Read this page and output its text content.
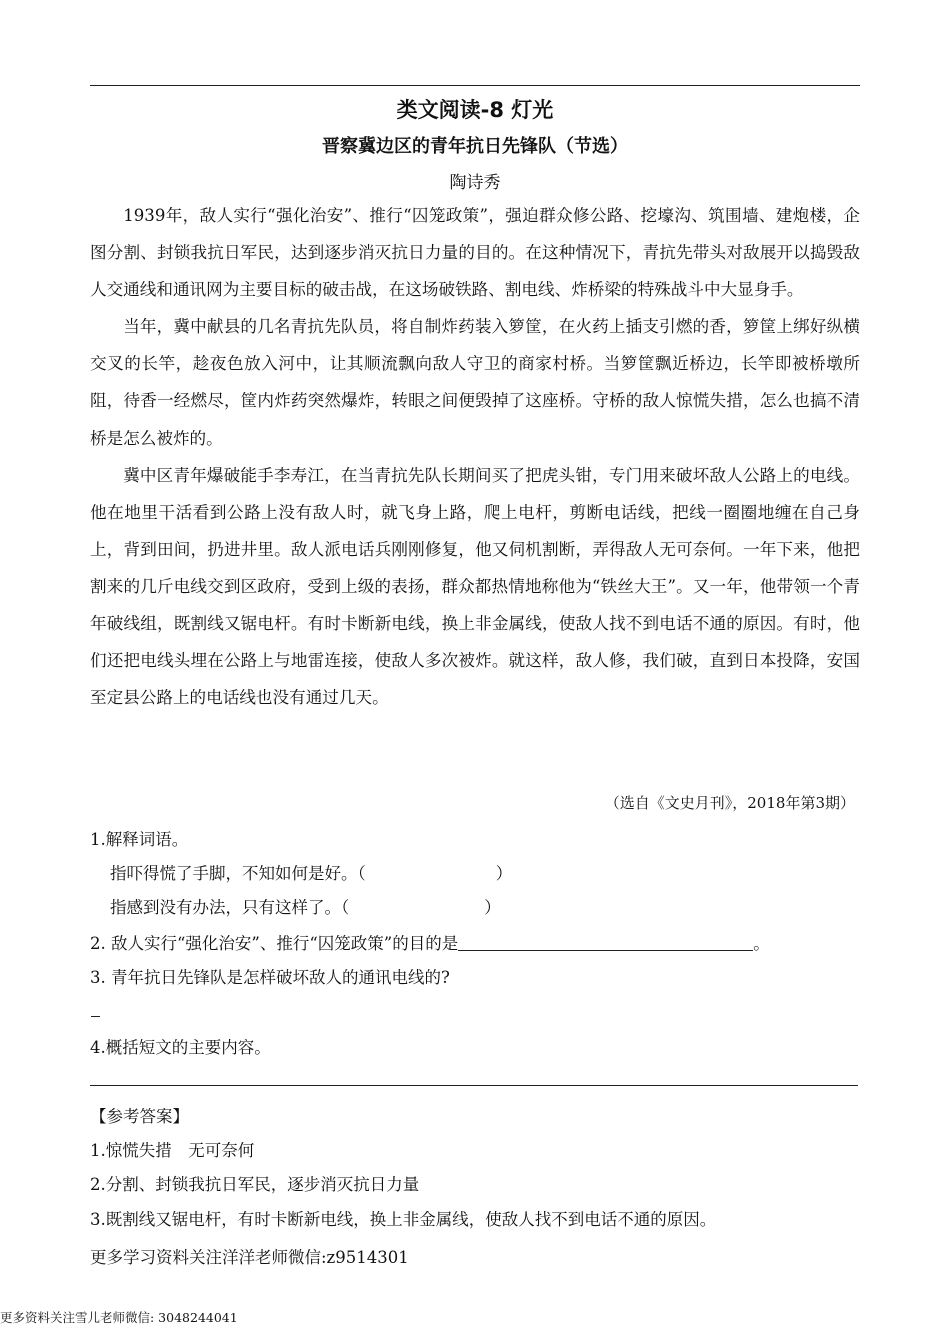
类文阅读-8 灯光
晋察冀边区的青年抗日先锋队（节选）
陶诗秀

1939年，敌人实行“强化治安”、推行“囚笼政策”，强迫群众修公路、挖壕沟、筑围墙、建炮楼，企图分割、封锁我抗日军民，达到逐步消灭抗日力量的目的。在这种情况下，青抗先带头对敌展开以捣毁敌人交通线和通讯网为主要目标的破击战，在这场破铁路、割电线、炸桥梁的特殊战斗中大显身手。

当年，冀中献县的几名青抗先队员，将自制炸药装入箩筐，在火药上插支引燃的香，箩筐上绑好纵横交叉的长竿，趁夜色放入河中，让其顺流飘向敌人守卫的商家村桥。当箩筐飘近桥边，长竿即被桥墩所阻，待香一经燃尽，筐内炸药突然爆炸，转眼之间便毁掉了这座桥。守桥的敌人惊慌失措，怎么也搞不清桥是怎么被炸的。

冀中区青年爆破能手李寿江，在当青抗先队长期间买了把虎头钳，专门用来破坏敌人公路上的电线。他在地里干活看到公路上没有敌人时，就飞身上路，爬上电杆，剪断电话线，把线一圈圈地缠在自己身上，背到田间，扔进井里。敌人派电话兵刚刚修复，他又伺机割断，弄得敌人无可奈何。一年下来，他把割来的几斤电线交到区政府，受到上级的表扬，群众都热情地称他为“铁丝大王”。又一年，他带领一个青年破线组，既割线又锯电杆。有时卡断新电线，换上非金属线，使敌人找不到电话不通的原因。有时，他们还把电线头埋在公路上与地雷连接，使敌人多次被炸。就这样，敌人修，我们破，直到日本投降，安国至定县公路上的电话线也没有通过几天。

（选自《文史月刊》，2018年第3期）
1.解释词语。
指吓得慌了手脚，不知如何是好。（	）
指感到没有办法，只有这样了。（	）
2. 敌人实行“强化治安”、推行“囚笼政策”的目的是	。
3. 青年抗日先锋队是怎样破坏敌人的通讯电线的?
4.概括短文的主要内容。
【参考答案】
1.惊慌失措　无可奈何
2.分割、封锁我抗日军民，逐步消灭抗日力量
3.既割线又锯电杆，有时卡断新电线，换上非金属线，使敌人找不到电话不通的原因。
更多学习资料关注洋洋老师微信:z9514301
更多资料关注雪儿老师微信: 3048244041
